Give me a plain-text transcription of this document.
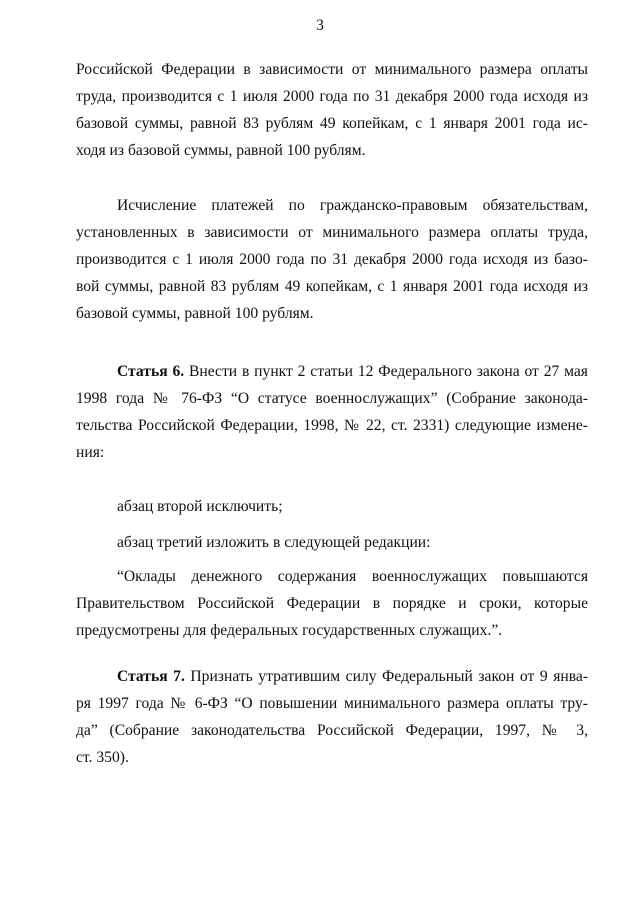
3
Российской Федерации в зависимости от минимального размера оплаты
труда, производится с 1 июля 2000 года по 31 декабря 2000 года исходя из
базовой суммы, равной 83 рублям 49 копейкам, с 1 января 2001 года ис-
ходя из базовой суммы, равной 100 рублям.
Исчисление платежей по гражданско-правовым обязательствам,
установленных в зависимости от минимального размера оплаты труда,
производится с 1 июля 2000 года по 31 декабря 2000 года исходя из базо-
вой суммы, равной 83 рублям 49 копейкам, с 1 января 2001 года исходя из
базовой суммы, равной 100 рублям.
Статья 6. Внести в пункт 2 статьи 12 Федерального закона от 27 мая
1998 года № 76-ФЗ “О статусе военнослужащих” (Собрание законода-
тельства Российской Федерации, 1998, № 22, ст. 2331) следующие измене-
ния:
абзац второй исключить;
абзац третий изложить в следующей редакции:
“Оклады денежного содержания военнослужащих повышаются
Правительством Российской Федерации в порядке и сроки, которые
предусмотрены для федеральных государственных служащих.”.
Статья 7. Признать утратившим силу Федеральный закон от 9 янва-
ря 1997 года № 6-ФЗ “О повышении минимального размера оплаты тру-
да” (Собрание законодательства Российской Федерации, 1997, № 3,
ст. 350).
